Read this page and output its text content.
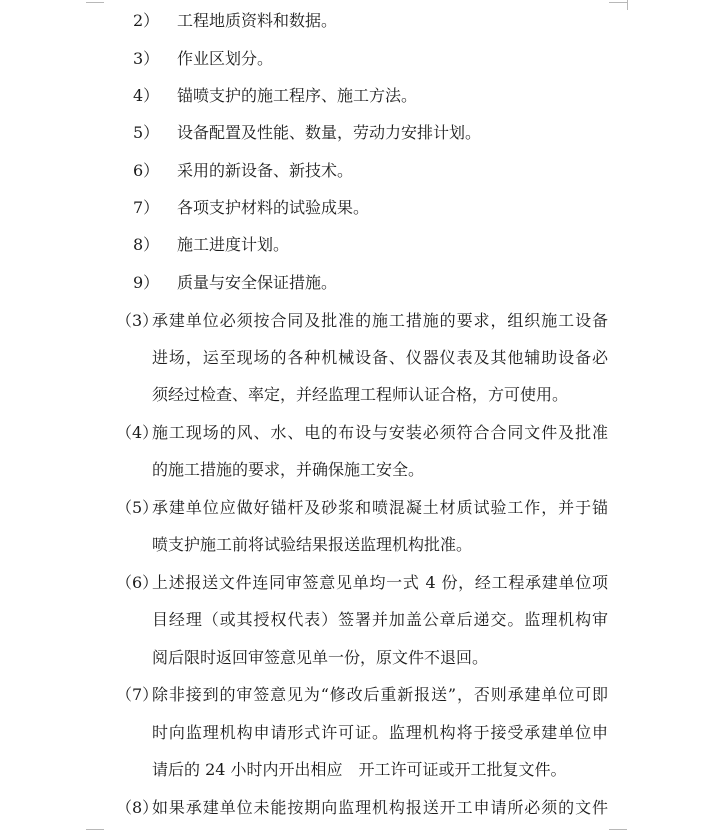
2） 工程地质资料和数据。
3） 作业区划分。
4） 锚喷支护的施工程序、施工方法。
5） 设备配置及性能、数量，劳动力安排计划。
6） 采用的新设备、新技术。
7） 各项支护材料的试验成果。
8） 施工进度计划。
9） 质量与安全保证措施。
（3）
承建单位必须按合同及批准的施工措施的要求，组织施工设备
进场，运至现场的各种机械设备、仪器仪表及其他辅助设备必
须经过检查、率定，并经监理工程师认证合格，方可使用。
（4）
施工现场的风、水、电的布设与安装必须符合合同文件及批准
的施工措施的要求，并确保施工安全。
（5）
承建单位应做好锚杆及砂浆和喷混凝土材质试验工作，并于锚
喷支护施工前将试验结果报送监理机构批准。
（6）
上述报送文件连同审签意见单均一式 4 份，经工程承建单位项
目经理（或其授权代表）签署并加盖公章后递交。监理机构审
阅后限时返回审签意见单一份，原文件不退回。
（7）
除非接到的审签意见为“修改后重新报送”，否则承建单位可即
时向监理机构申请形式许可证。监理机构将于接受承建单位申
请后的 24 小时内开出相应　开工许可证或开工批复文件。
（8）
如果承建单位未能按期向监理机构报送开工申请所必须的文件
